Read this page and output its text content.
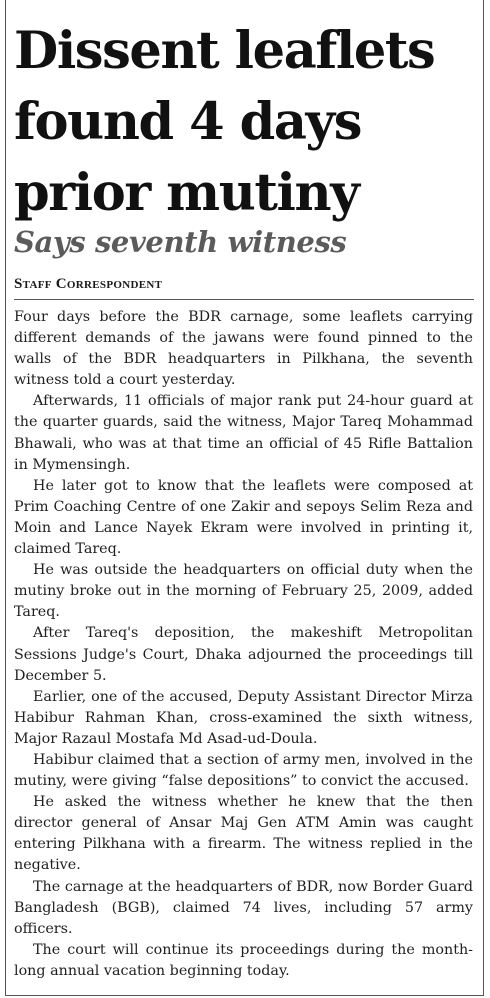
Dissent leaflets
found 4 days
prior mutiny
Says seventh witness
Staff Correspondent

Four days before the BDR carnage, some leaflets carrying different demands of the jawans were found pinned to the walls of the BDR headquarters in Pilkhana, the seventh witness told a court yesterday.

Afterwards, 11 officials of major rank put 24-hour guard at the quarter guards, said the witness, Major Tareq Mohammad Bhawali, who was at that time an official of 45 Rifle Battalion in Mymensingh.

He later got to know that the leaflets were composed at Prim Coaching Centre of one Zakir and sepoys Selim Reza and Moin and Lance Nayek Ekram were involved in printing it, claimed Tareq.

He was outside the headquarters on official duty when the mutiny broke out in the morning of February 25, 2009, added Tareq.

After Tareq's deposition, the makeshift Metropolitan Sessions Judge's Court, Dhaka adjourned the proceedings till December 5.

Earlier, one of the accused, Deputy Assistant Director Mirza Habibur Rahman Khan, cross-examined the sixth witness, Major Razaul Mostafa Md Asad-ud-Doula.

Habibur claimed that a section of army men, involved in the mutiny, were giving “false depositions” to convict the accused.

He asked the witness whether he knew that the then director general of Ansar Maj Gen ATM Amin was caught entering Pilkhana with a firearm. The witness replied in the negative.

The carnage at the headquarters of BDR, now Border Guard Bangladesh (BGB), claimed 74 lives, including 57 army officers.

The court will continue its proceedings during the month-long annual vacation beginning today.
